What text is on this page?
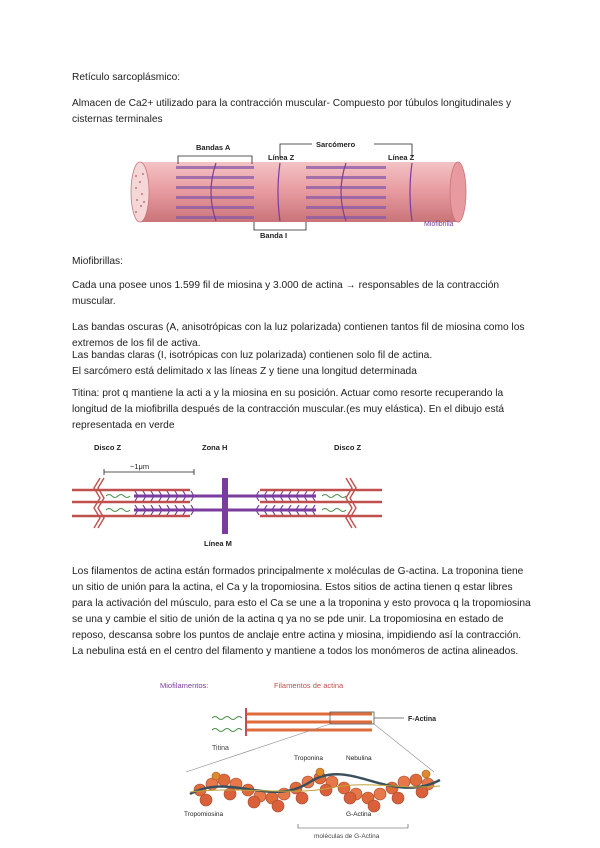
Retículo sarcoplásmico:

Almacen de Ca2+ utilizado para la contracción muscular- Compuesto por túbulos longitudinales y cisternas terminales

Miofibrillas:

Cada una posee unos 1.599 fil de miosina y 3.000 de actina → responsables de la contracción muscular.

Las bandas oscuras (A, anisotrópicas con la luz polarizada) contienen tantos fil de miosina como los extremos de los fil de activa.

Las bandas claras (I, isotrópicas con luz polarizada) contienen solo fil de actina.

El sarcómero está delimitado x las líneas Z y tiene una longitud determinada

Titina: prot q mantiene la acti a y la miosina en su posición. Actuar como resorte recuperando la longitud de la miofibrilla después de la contracción muscular.(es muy elástica). En el dibujo está representada en verde

Los filamentos de actina están formados principalmente x moléculas de G-actina. La troponina tiene un sitio de unión para la actina, el Ca y la tropomiosina. Estos sitios de actina tienen q estar libres para la activación del músculo, para esto el Ca se une a la troponina y esto provoca q la tropomiosina se una y cambie el sitio de unión de la actina q ya no se pde unir. La tropomiosina en estado de reposo, descansa sobre los puntos de anclaje entre actina y miosina, impidiendo así la contracción. La nebulina está en el centro del filamento y mantiene a todos los monómeros de actina alineados.

Bandas A	Sarcómero
Línea Z	Línea Z
Banda I
Miofibrilla
Disco Z	Zona H	Disco Z
~1μm
Línea M
Miofilamentos:	Filamentos de actina
F-Actina
Titina
Troponina	Nebulina
Tropomiosina	G-Actina
moléculas de G-Actina
